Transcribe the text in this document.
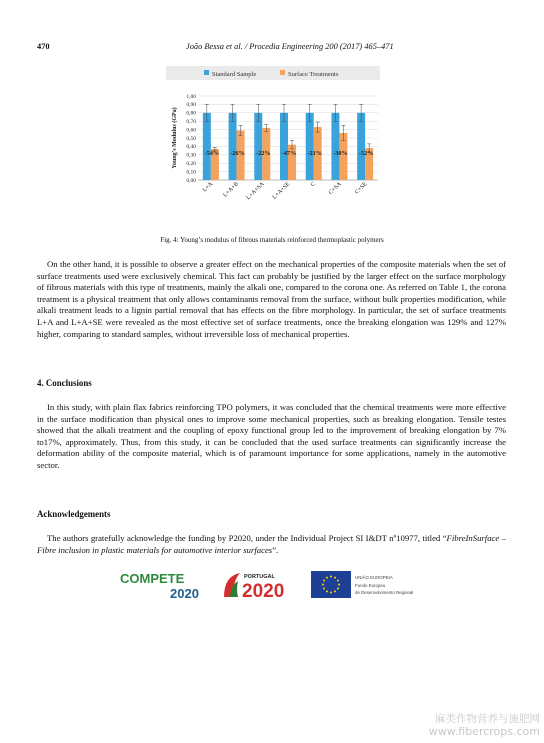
470	João Bessa et al. / Procedia Engineering 200 (2017) 465–471
Standard Sample	Surface Treatments
0,00
0,10
0,20
0,30
0,40
0,50
0,60
0,70
0,80
0,90
1,00
Young's Modulus (GPa)	-54%
L+A
-26%
L+A+B
-22%
L+A+SA
-47%
L+A+SE
-21%
C
-30%
C+SA
-52%
C+SE
Fig. 4: Young’s modulus of fibrous materials reinforced thermoplastic polymers

On the other hand, it is possible to observe a greater effect on the mechanical properties of the composite materials when the set of surface treatments used were exclusively chemical. This fact can probably be justified by the larger effect on the surface morphology of fibrous materials with this type of treatments, mainly the alkali one, compared to the corona one. As referred on Table 1, the corona treatment is a physical treatment that only allows contaminants removal from the surface, without bulk properties modification, while alkali treatment leads to a lignin partial removal that has effects on the fibre morphology. In particular, the set of surface treatments L+A and L+A+SE were revealed as the most effective set of surface treatments, once the breaking elongation was 129% and 127% higher, comparing to standard samples, without irreversible loss of mechanical properties.

4. Conclusions

In this study, with plain flax fabrics reinforcing TPO polymers, it was concluded that the chemical treatments were more effective in the surface modification than physical ones to improve some mechanical properties, such as breaking elongation. Tensile testes showed that the alkali treatment and the coupling of epoxy functional group led to the improvement of breaking elongation by 7% to17%, approximately. Thus, from this study, it can be concluded that the used surface treatments can significantly increase the deformation ability of the composite material, which is of paramount importance for some applications, namely in the automotive sector.

Acknowledgements

The authors gratefully acknowledge the funding by P2020, under the Individual Project SI I&DT nº10977, titled “FibreInSurface – Fibre inclusion in plastic materials for automotive interior surfaces”.

COMPETE
2020
PORTUGAL
2020
UNIÃO EUROPEIA
Fundo Europeu
de Desenvolvimento Regional
麻类作物营养与施肥网
www.fibercrops.com
